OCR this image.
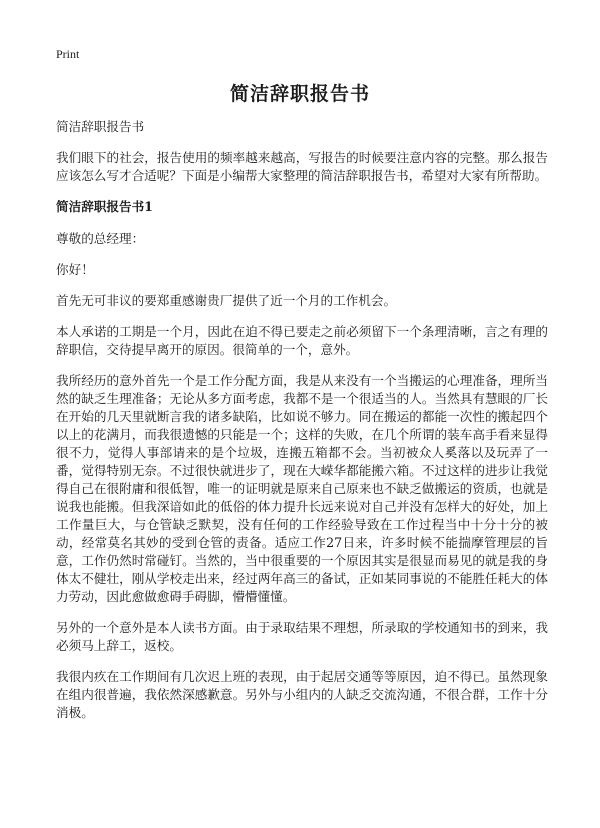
Print
简洁辞职报告书

简洁辞职报告书

我们眼下的社会，报告使用的频率越来越高，写报告的时候要注意内容的完整。那么报告应该怎么写才合适呢？下面是小编帮大家整理的简洁辞职报告书，希望对大家有所帮助。

简洁辞职报告书1

尊敬的总经理：

你好！

首先无可非议的要郑重感谢贵厂提供了近一个月的工作机会。

本人承诺的工期是一个月，因此在迫不得已要走之前必须留下一个条理清晰，言之有理的辞职信，交待提早离开的原因。很简单的一个，意外。

我所经历的意外首先一个是工作分配方面，我是从来没有一个当搬运的心理准备，理所当然的缺乏生理准备；无论从多方面考虑，我都不是一个很适当的人。当然具有慧眼的厂长在开始的几天里就断言我的诸多缺陷，比如说不够力。同在搬运的都能一次性的搬起四个以上的花满月，而我很遗憾的只能是一个；这样的失败，在几个所谓的装车高手看来显得很不力，觉得人事部请来的是个垃圾，连搬五箱都不会。当初被众人奚落以及玩弄了一番，觉得特别无奈。不过很快就进步了，现在大嵘华都能搬六箱。不过这样的进步让我觉得自己在很附庸和很低智，唯一的证明就是原来自己原来也不缺乏做搬运的资质，也就是说我也能搬。但我深谙如此的低俗的体力提升长远来说对自己并没有怎样大的好处，加上工作量巨大，与仓管缺乏默契，没有任何的工作经验导致在工作过程当中十分十分的被动，经常莫名其妙的受到仓管的责备。适应工作27日来，许多时候不能揣摩管理层的旨意，工作仍然时常碰钉。当然的，当中很重要的一个原因其实是很显而易见的就是我的身体太不健壮，刚从学校走出来，经过两年高三的备试，正如某同事说的不能胜任耗大的体力劳动，因此愈做愈碍手碍脚，懵懵懂懂。

另外的一个意外是本人读书方面。由于录取结果不理想，所录取的学校通知书的到来，我必须马上辞工，返校。

我很内疚在工作期间有几次迟上班的表现，由于起居交通等等原因，迫不得已。虽然现象在组内很普遍，我依然深感歉意。另外与小组内的人缺乏交流沟通，不很合群，工作十分消极。
